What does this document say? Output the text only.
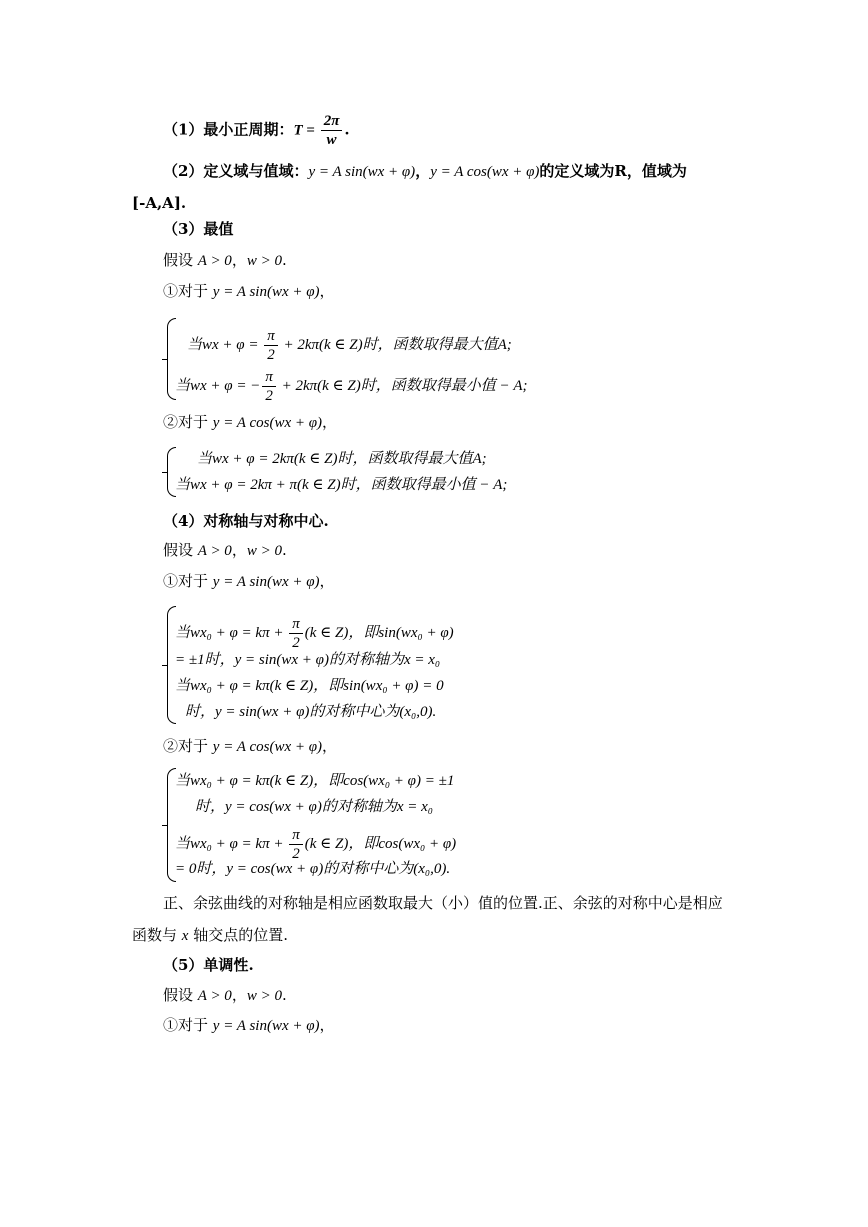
（1）最小正周期：$T = \frac{2\pi}{w}$ .
（2）定义域与值域：y = A sin(wx + φ)，y = A cos(wx + φ)的定义域为R，值域为
[-A,A].
（3）最值
假设 A > 0，w > 0.
①对于 y = A sin(wx + φ)，
当wx + $\varphi = \frac{\pi}{2} + 2k\pi(k$ ∈ Z)时，函数取得最大值A;
当wx + φ = − $\frac{\pi}{2} + 2k\pi(k$ ∈ Z)时，函数取得最小值 − A;
②对于 y = A cos(wx + φ)，
当wx + φ = 2kπ(k ∈ Z)时，函数取得最大值A;
当wx + φ = 2kπ + π(k ∈ Z)时，函数取得最小值 − A;
（4）对称轴与对称中心.
假设 A > 0，w > 0.
①对于 y = A sin(wx + φ)，
当$wx_0 + \varphi = k\pi + \frac{\pi}{2} (k$ ∈ Z)，即sin(wx₀ + φ)
= ±1时，y = sin(wx + φ)的对称轴为x = x₀
当wx₀ + φ = kπ(k ∈ Z)，即sin(wx₀ + φ) = 0
时，y = sin(wx + φ)的对称中心为(x₀,0).
②对于 y = A cos(wx + φ)，
当wx₀ + φ = kπ(k ∈ Z)，即cos(wx₀ + φ) = ±1
时，y = cos(wx + φ)的对称轴为x = x₀
当$wx_0 + \varphi = k\pi + \frac{\pi}{2} (k$ ∈ Z)，即cos(wx₀ + φ)
= 0时，y = cos(wx + φ)的对称中心为(x₀,0).
正、余弦曲线的对称轴是相应函数取最大（小）值的位置.正、余弦的对称中心是相应
函数与 x 轴交点的位置.
（5）单调性.
假设 A > 0，w > 0.
①对于 y = A sin(wx + φ)，
